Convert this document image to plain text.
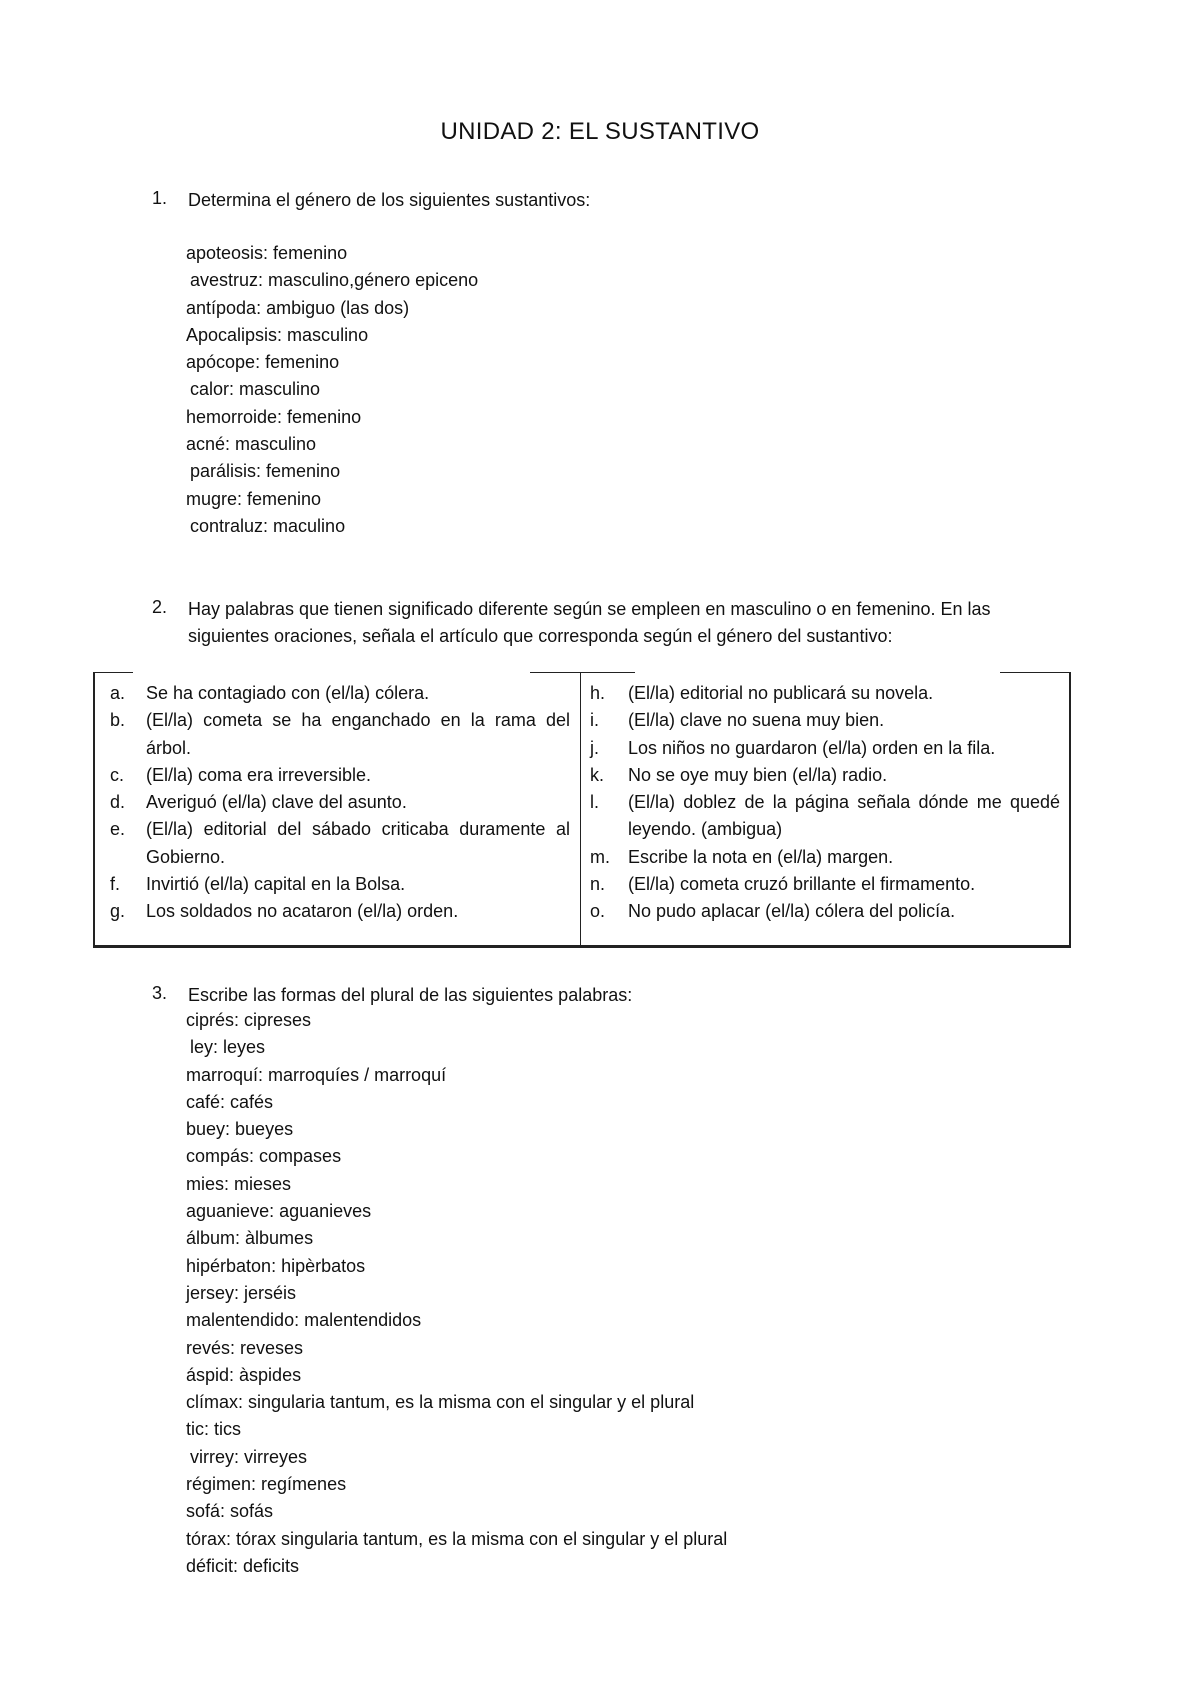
UNIDAD 2: EL SUSTANTIVO
1. Determina el género de los siguientes sustantivos:
apoteosis: femenino
avestruz: masculino,género epiceno
antípoda: ambiguo (las dos)
Apocalipsis: masculino
apócope: femenino
calor: masculino
hemorroide: femenino
acné: masculino
parálisis: femenino
mugre: femenino
contraluz: maculino
2. Hay palabras que tienen significado diferente según se empleen en masculino o en femenino. En las
siguientes oraciones, señala el artículo que corresponda según el género del sustantivo:
a.	Se ha contagiado con (el/la) cólera.
b.	(El/la) cometa se ha enganchado en la rama del árbol.
c.	(El/la) coma era irreversible.
d.	Averiguó (el/la) clave del asunto.
e.	(El/la) editorial del sábado criticaba duramente al Gobierno.
f.	Invirtió (el/la) capital en la Bolsa.
g.	Los soldados no acataron (el/la) orden.
h.	(El/la) editorial no publicará su novela.
i.	(El/la) clave no suena muy bien.
j.	Los niños no guardaron (el/la) orden en la fila.
k.	No se oye muy bien (el/la) radio.
l.	(El/la) doblez de la página señala dónde me quedé leyendo. (ambigua)
m.	Escribe la nota en (el/la) margen.
n.	(El/la) cometa cruzó brillante el firmamento.
o.	No pudo aplacar (el/la) cólera del policía.
3. Escribe las formas del plural de las siguientes palabras:
ciprés: cipreses
ley: leyes
marroquí: marroquíes / marroquí
café: cafés
buey: bueyes
compás: compases
mies: mieses
aguanieve: aguanieves
álbum: àlbumes
hipérbaton: hipèrbatos
jersey: jerséis
malentendido: malentendidos
revés: reveses
áspid: àspides
clímax: singularia tantum, es la misma con el singular y el plural
tic: tics
virrey: virreyes
régimen: regímenes
sofá: sofás
tórax: tórax singularia tantum, es la misma con el singular y el plural
déficit: deficits
